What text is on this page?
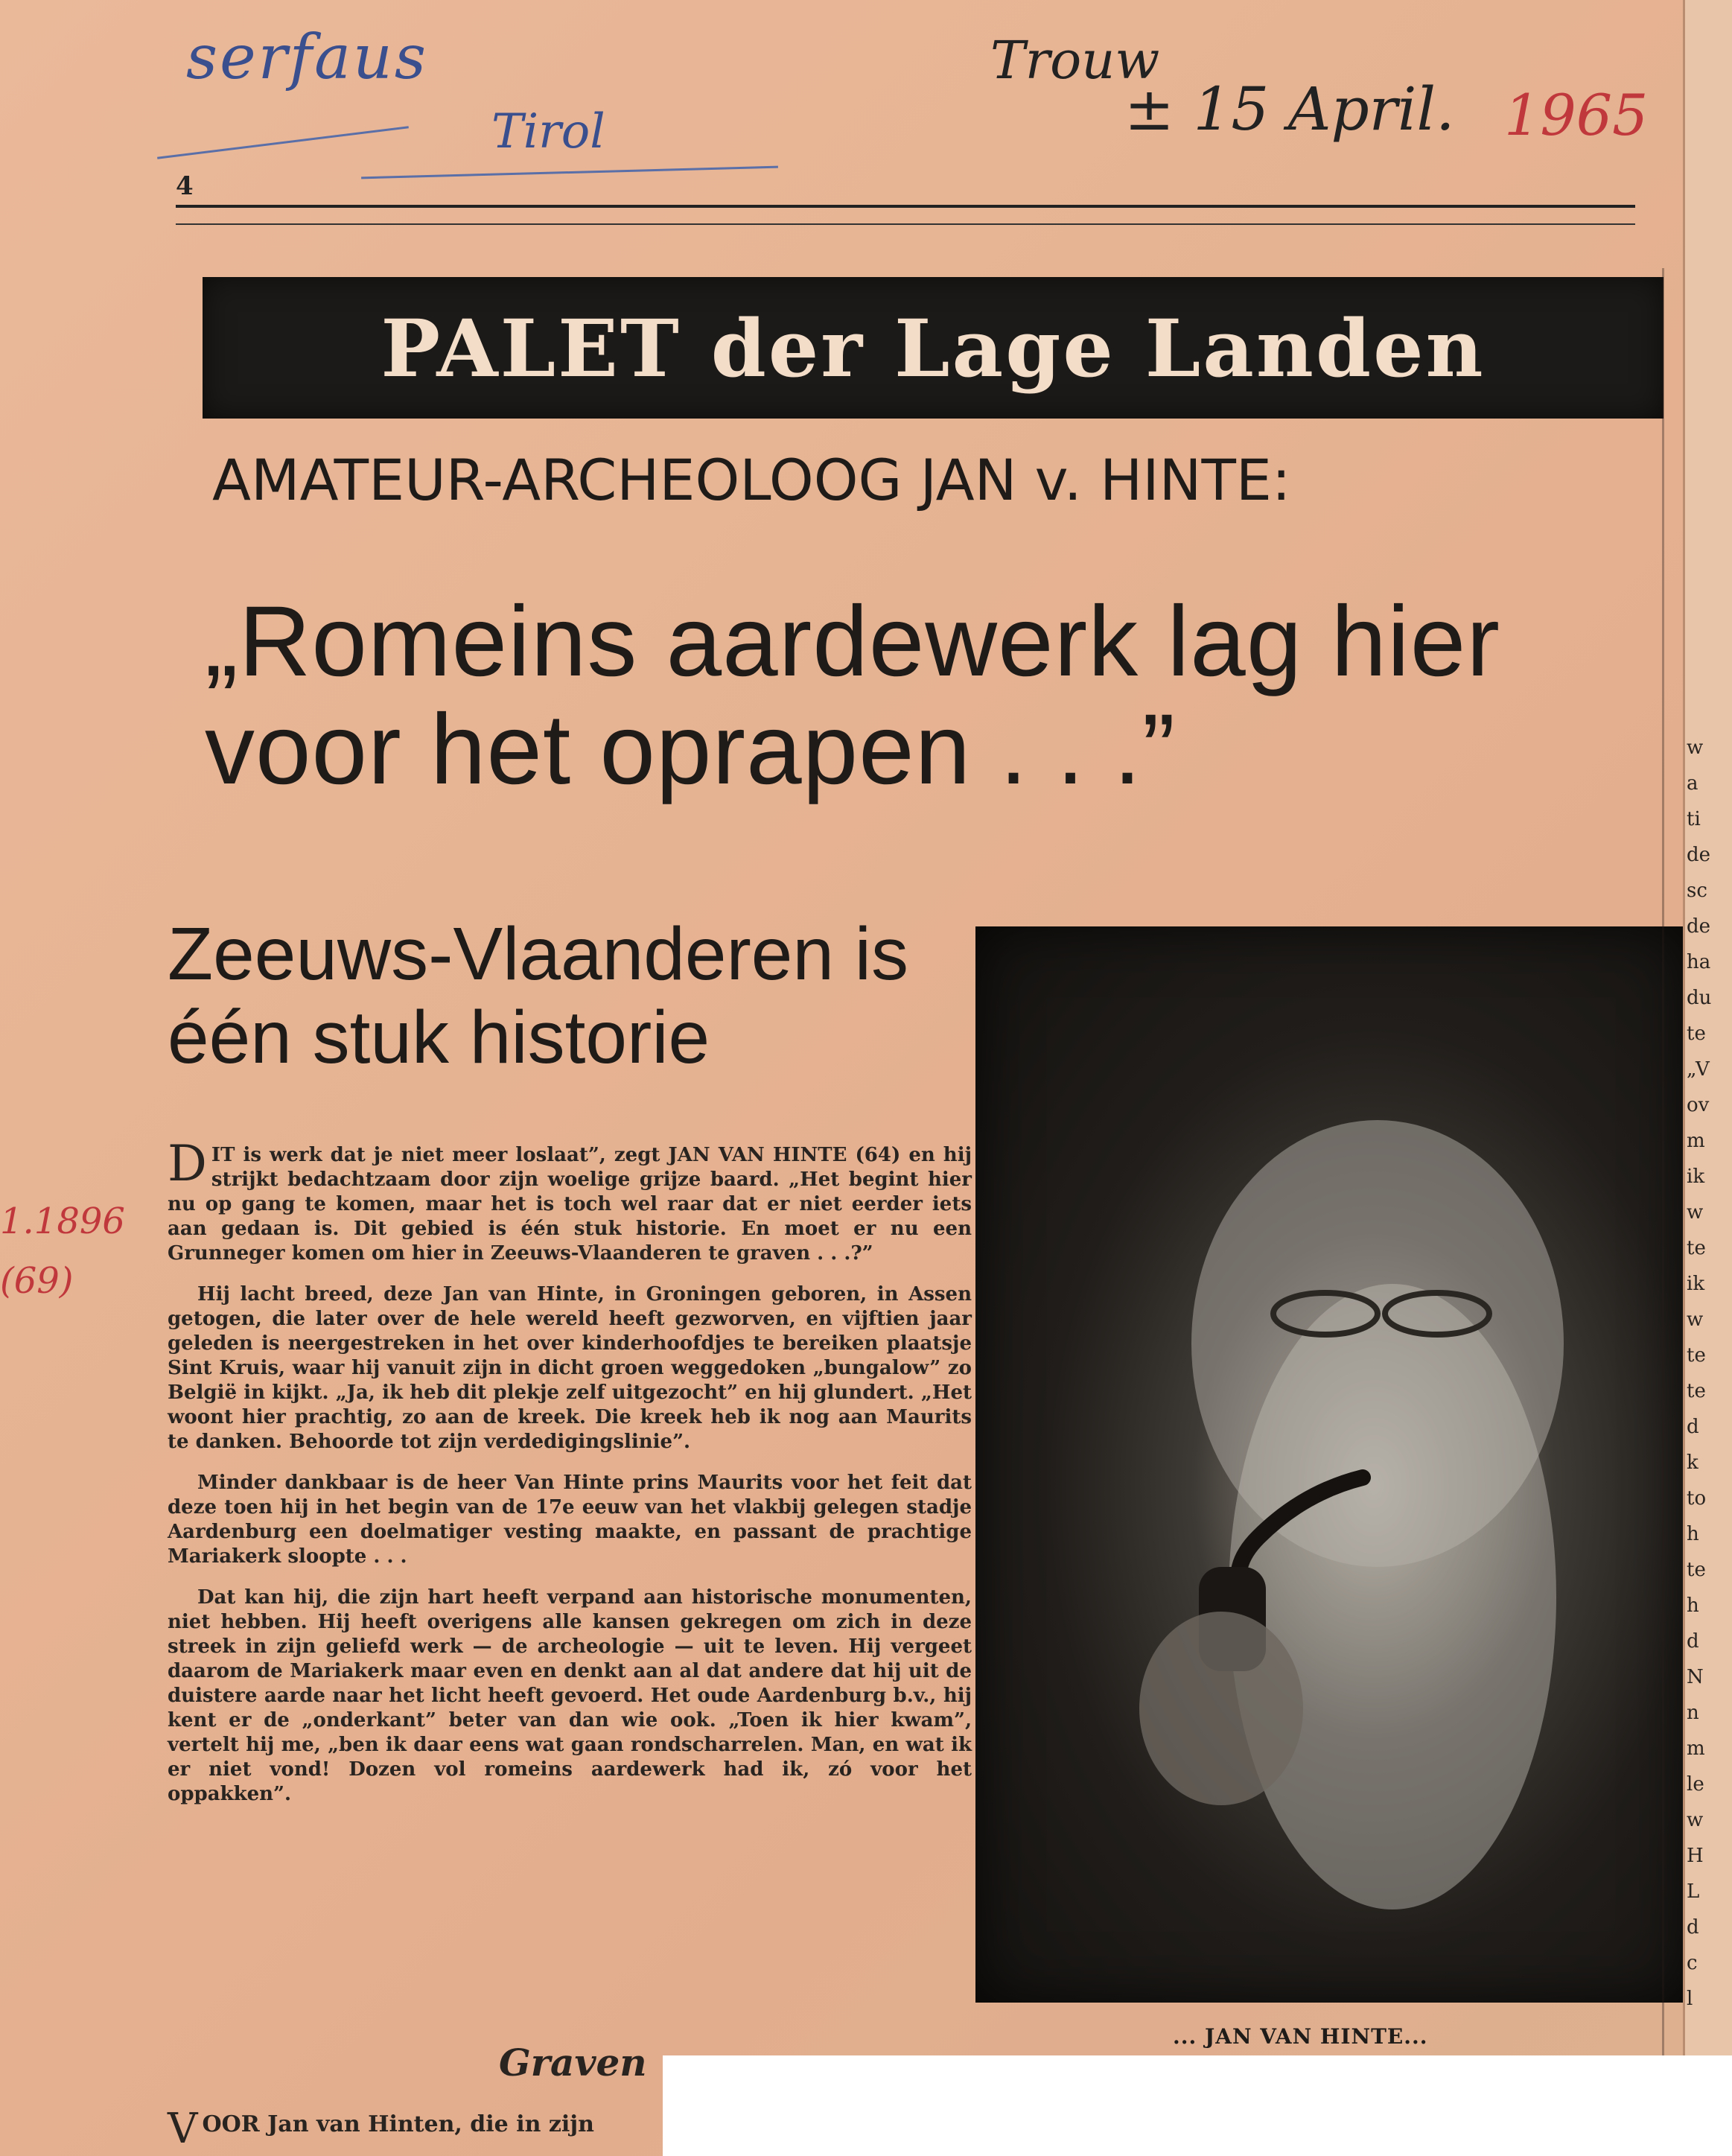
serfaus
Tirol
Trouw
± 15 April. 1965
4
PALET der Lage Landen
AMATEUR-ARCHEOLOOG JAN v. HINTE:
„Romeins aardewerk lag hier voor het oprapen . . .”
Zeeuws-Vlaanderen is één stuk historie
1.1896
(69)

DIT is werk dat je niet meer loslaat”, zegt JAN VAN HINTE (64) en hij strijkt bedachtzaam door zijn woelige grijze baard. „Het begint hier nu op gang te komen, maar het is toch wel raar dat er niet eerder iets aan gedaan is. Dit gebied is één stuk historie. En moet er nu een Grunneger komen om hier in Zeeuws-Vlaanderen te graven . . .?”

Hij lacht breed, deze Jan van Hinte, in Groningen geboren, in Assen getogen, die later over de hele wereld heeft gezworven, en vijftien jaar geleden is neergestreken in het over kinderhoofdjes te bereiken plaatsje Sint Kruis, waar hij vanuit zijn in dicht groen weggedoken „bungalow” zo België in kijkt. „Ja, ik heb dit plekje zelf uitgezocht” en hij glundert. „Het woont hier prachtig, zo aan de kreek. Die kreek heb ik nog aan Maurits te danken. Behoorde tot zijn verdedigingslinie”.

Minder dankbaar is de heer Van Hinte prins Maurits voor het feit dat deze toen hij in het begin van de 17e eeuw van het vlakbij gelegen stadje Aardenburg een doelmatiger vesting maakte, en passant de prachtige Mariakerk sloopte . . .

Dat kan hij, die zijn hart heeft verpand aan historische monumenten, niet hebben. Hij heeft overigens alle kansen gekregen om zich in deze streek in zijn geliefd werk — de archeologie — uit te leven. Hij vergeet daarom de Mariakerk maar even en denkt aan al dat andere dat hij uit de duistere aarde naar het licht heeft gevoerd. Het oude Aardenburg b.v., hij kent er de „onderkant” beter van dan wie ook. „Toen ik hier kwam”, vertelt hij me, „ben ik daar eens wat gaan rondscharrelen. Man, en wat ik er niet vond! Dozen vol romeins aardewerk had ik, zó voor het oppakken”.

... JAN VAN HINTE...
Graven
VOOR Jan van Hinten, die in zijn
w
a
ti
de
sc
de
ha
du
te
„V
ov
m
ik
w
te
ik
w
te
te
d
k
to
h
te
h
d
N
n
m
le
w
H
L
d
c
l
